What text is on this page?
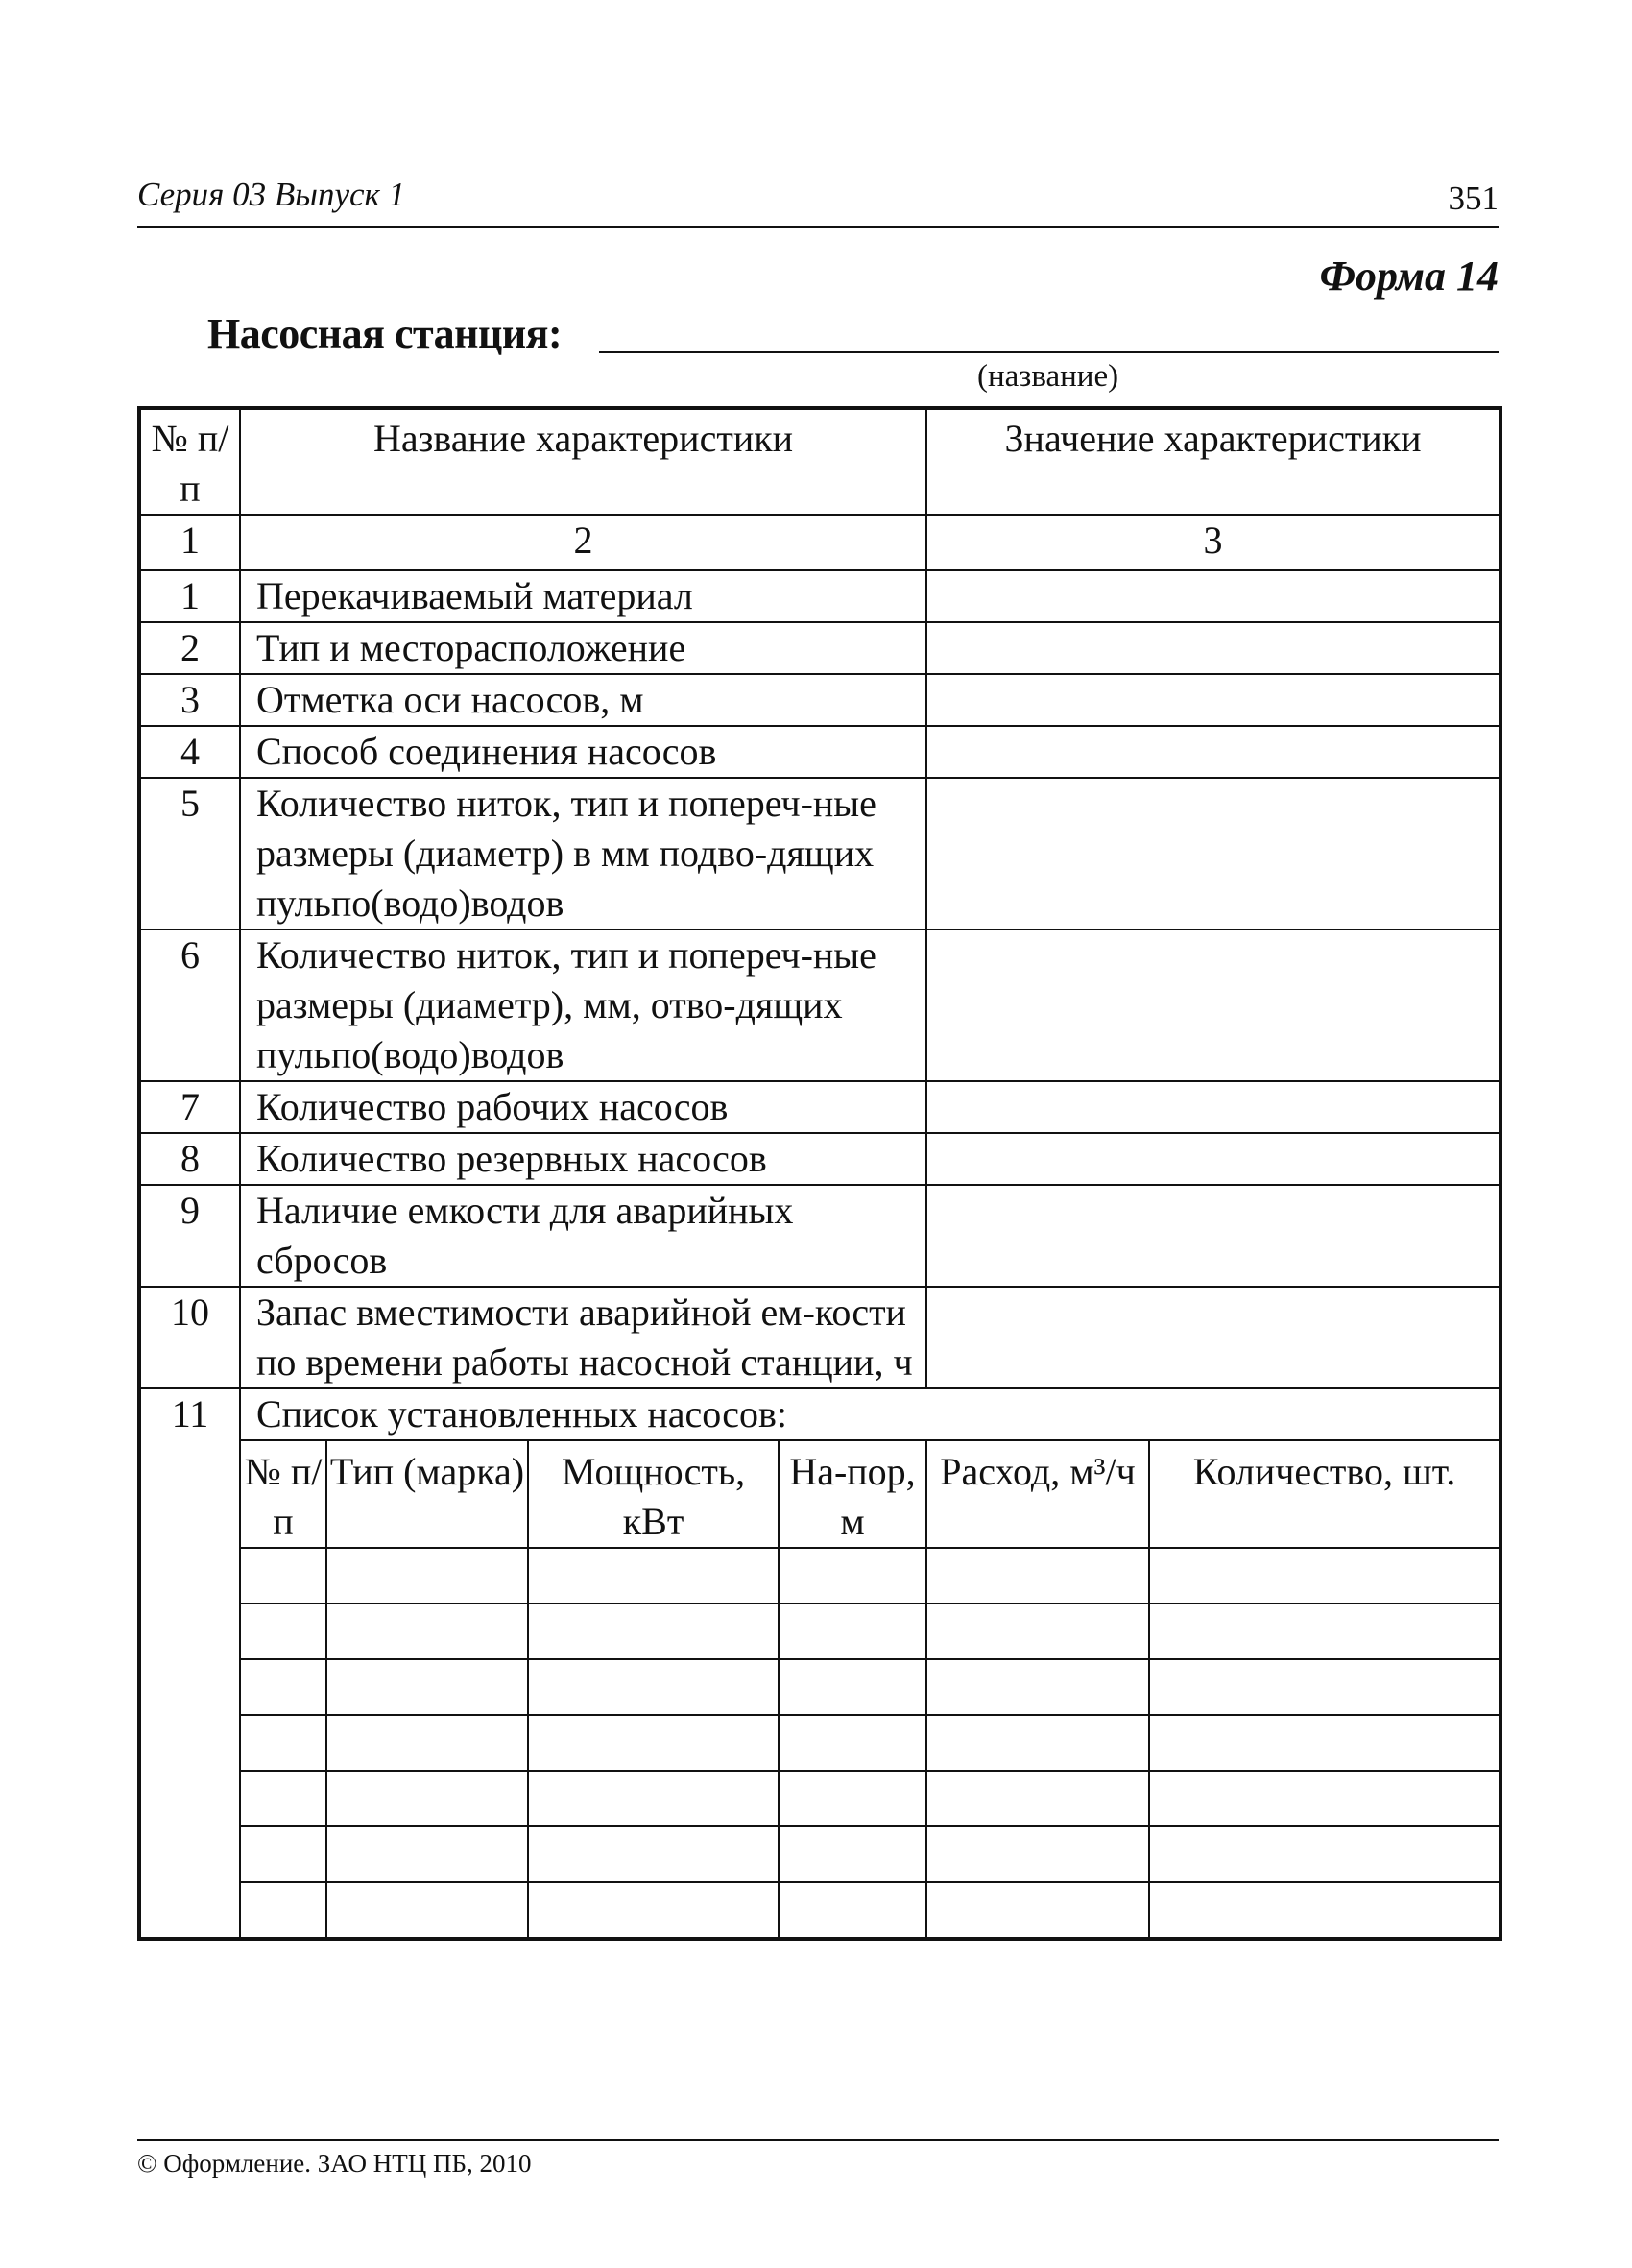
Серия 03 Выпуск 1	351
Форма 14
Насосная станция:
(название)
№ п/п	Название характеристики				Значение характеристики	
1	2				3	
1	Перекачиваемый материал					
2	Тип и месторасположение					
3	Отметка оси насосов, м					
4	Способ соединения насосов					
5	Количество ниток, тип и попереч-ные размеры (диаметр) в мм подво-дящих пульпо(водо)водов					
6	Количество ниток, тип и попереч-ные размеры (диаметр), мм, отво-дящих пульпо(водо)водов					
7	Количество рабочих насосов					
8	Количество резервных насосов					
9	Наличие емкости для аварийных сбросов					
10	Запас вместимости аварийной ем-кости по времени работы насосной станции, ч					
11	Список установленных насосов:					
	№ п/п	Тип (марка)	Мощность, кВт	На-пор, м	Расход, м³/ч	Количество, шт.

© Оформление. ЗАО НТЦ ПБ, 2010
